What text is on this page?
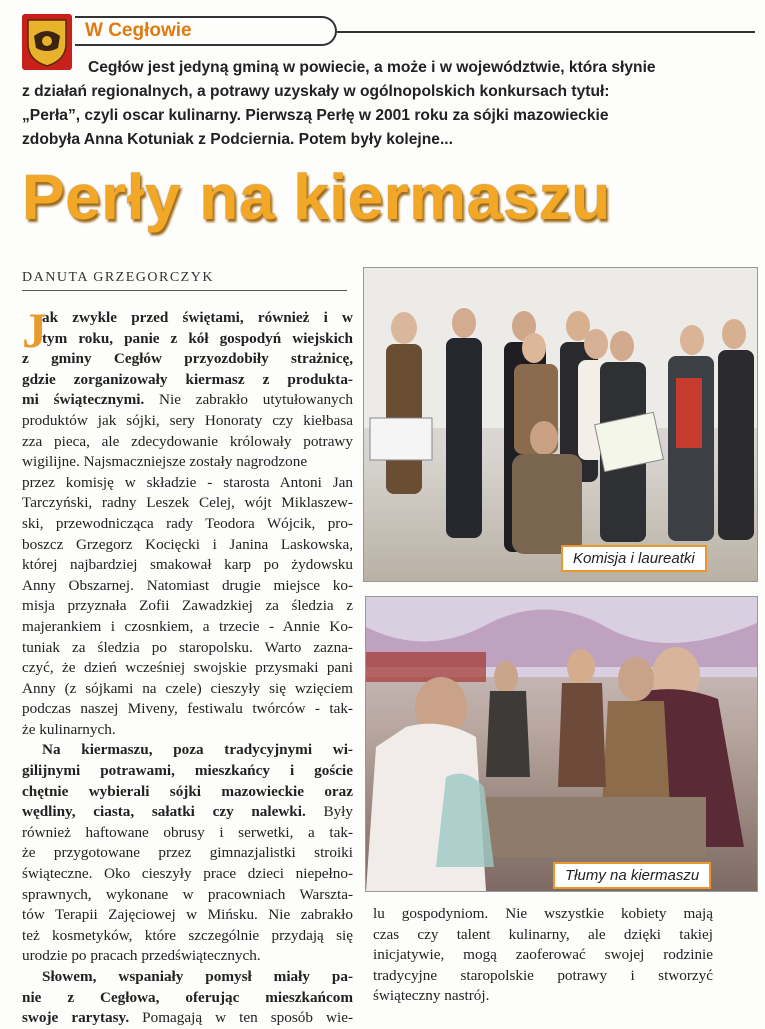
W Cegłowie
Cegłów jest jedyną gminą w powiecie, a może i w województwie, która słynie
z działań regionalnych, a potrawy uzyskały w ogólnopolskich konkursach tytuł:
„Perła”, czyli oscar kulinarny. Pierwszą Perłę w 2001 roku za sójki mazowieckie
zdobyła Anna Kotuniak z Podciernia. Potem były kolejne...
Perły na kiermaszu
DANUTA GRZEGORCZYK
J
ak zwykle przed świętami, również i w
tym roku, panie z kół gospodyń wiejskich
z gminy Cegłów przyozdobiły strażnicę,
gdzie zorganizowały kiermasz z produkta-
mi świątecznymi. Nie zabrakło utytułowanych
produktów jak sójki, sery Honoraty czy kiełbasa
zza pieca, ale zdecydowanie królowały potrawy
wigilijne. Najsmaczniejsze zostały nagrodzone
przez komisję w składzie - starosta Antoni Jan
Tarczyński, radny Leszek Celej, wójt Miklaszew-
ski, przewodnicząca rady Teodora Wójcik, pro-
boszcz Grzegorz Kocięcki i Janina Laskowska,
której najbardziej smakował karp po żydowsku
Anny Obszarnej. Natomiast drugie miejsce ko-
misja przyznała Zofii Zawadzkiej za śledzia z
majerankiem i czosnkiem, a trzecie - Annie Ko-
tuniak za śledzia po staropolsku. Warto zazna-
czyć, że dzień wcześniej swojskie przysmaki pani
Anny (z sójkami na czele) cieszyły się wzięciem
podczas naszej Miveny, festiwalu twórców - tak-
że kulinarnych.
Na kiermaszu, poza tradycyjnymi wi-
gilijnymi potrawami, mieszkańcy i goście
chętnie wybierali sójki mazowieckie oraz
wędliny, ciasta, sałatki czy nalewki. Były
również haftowane obrusy i serwetki, a tak-
że przygotowane przez gimnazjalistki stroiki
świąteczne. Oko cieszyły prace dzieci niepełno-
sprawnych, wykonane w pracowniach Warszta-
tów Terapii Zajęciowej w Mińsku. Nie zabrakło
też kosmetyków, które szczególnie przydają się
urodzie po pracach przedświątecznych.
Słowem, wspaniały pomysł miały pa-
nie z Cegłowa, oferując mieszkańcom
swoje rarytasy. Pomagają w ten sposób wie-
lu gospodyniom. Nie wszystkie kobiety mają
czas czy talent kulinarny, ale dzięki takiej
inicjatywie, mogą zaoferować swojej rodzinie
tradycyjne staropolskie potrawy i stworzyć
świąteczny nastrój.
Komisja i laureatki
Tłumy na kiermaszu
